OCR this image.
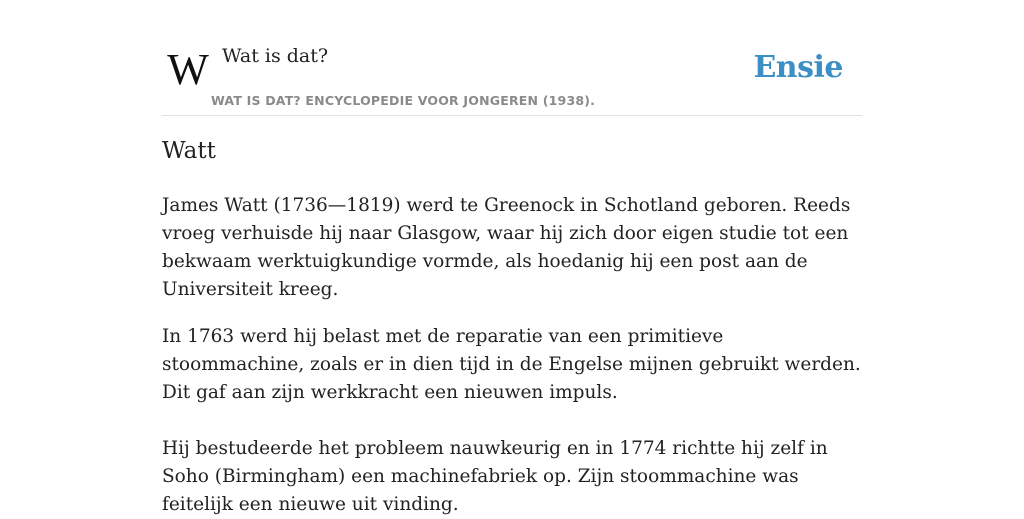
W Wat is dat?
WAT IS DAT? ENCYCLOPEDIE VOOR JONGEREN (1938).
Ensie
Watt

James Watt (1736—1819) werd te Greenock in Schotland geboren. Reeds vroeg verhuisde hij naar Glasgow, waar hij zich door eigen studie tot een bekwaam werktuigkundige vormde, als hoedanig hij een post aan de Universiteit kreeg.

In 1763 werd hij belast met de reparatie van een primitieve stoommachine, zoals er in dien tijd in de Engelse mijnen gebruikt werden. Dit gaf aan zijn werkkracht een nieuwen impuls.

Hij bestudeerde het probleem nauwkeurig en in 1774 richtte hij zelf in Soho (Birmingham) een machinefabriek op. Zijn stoommachine was feitelijk een nieuwe uit vinding.
